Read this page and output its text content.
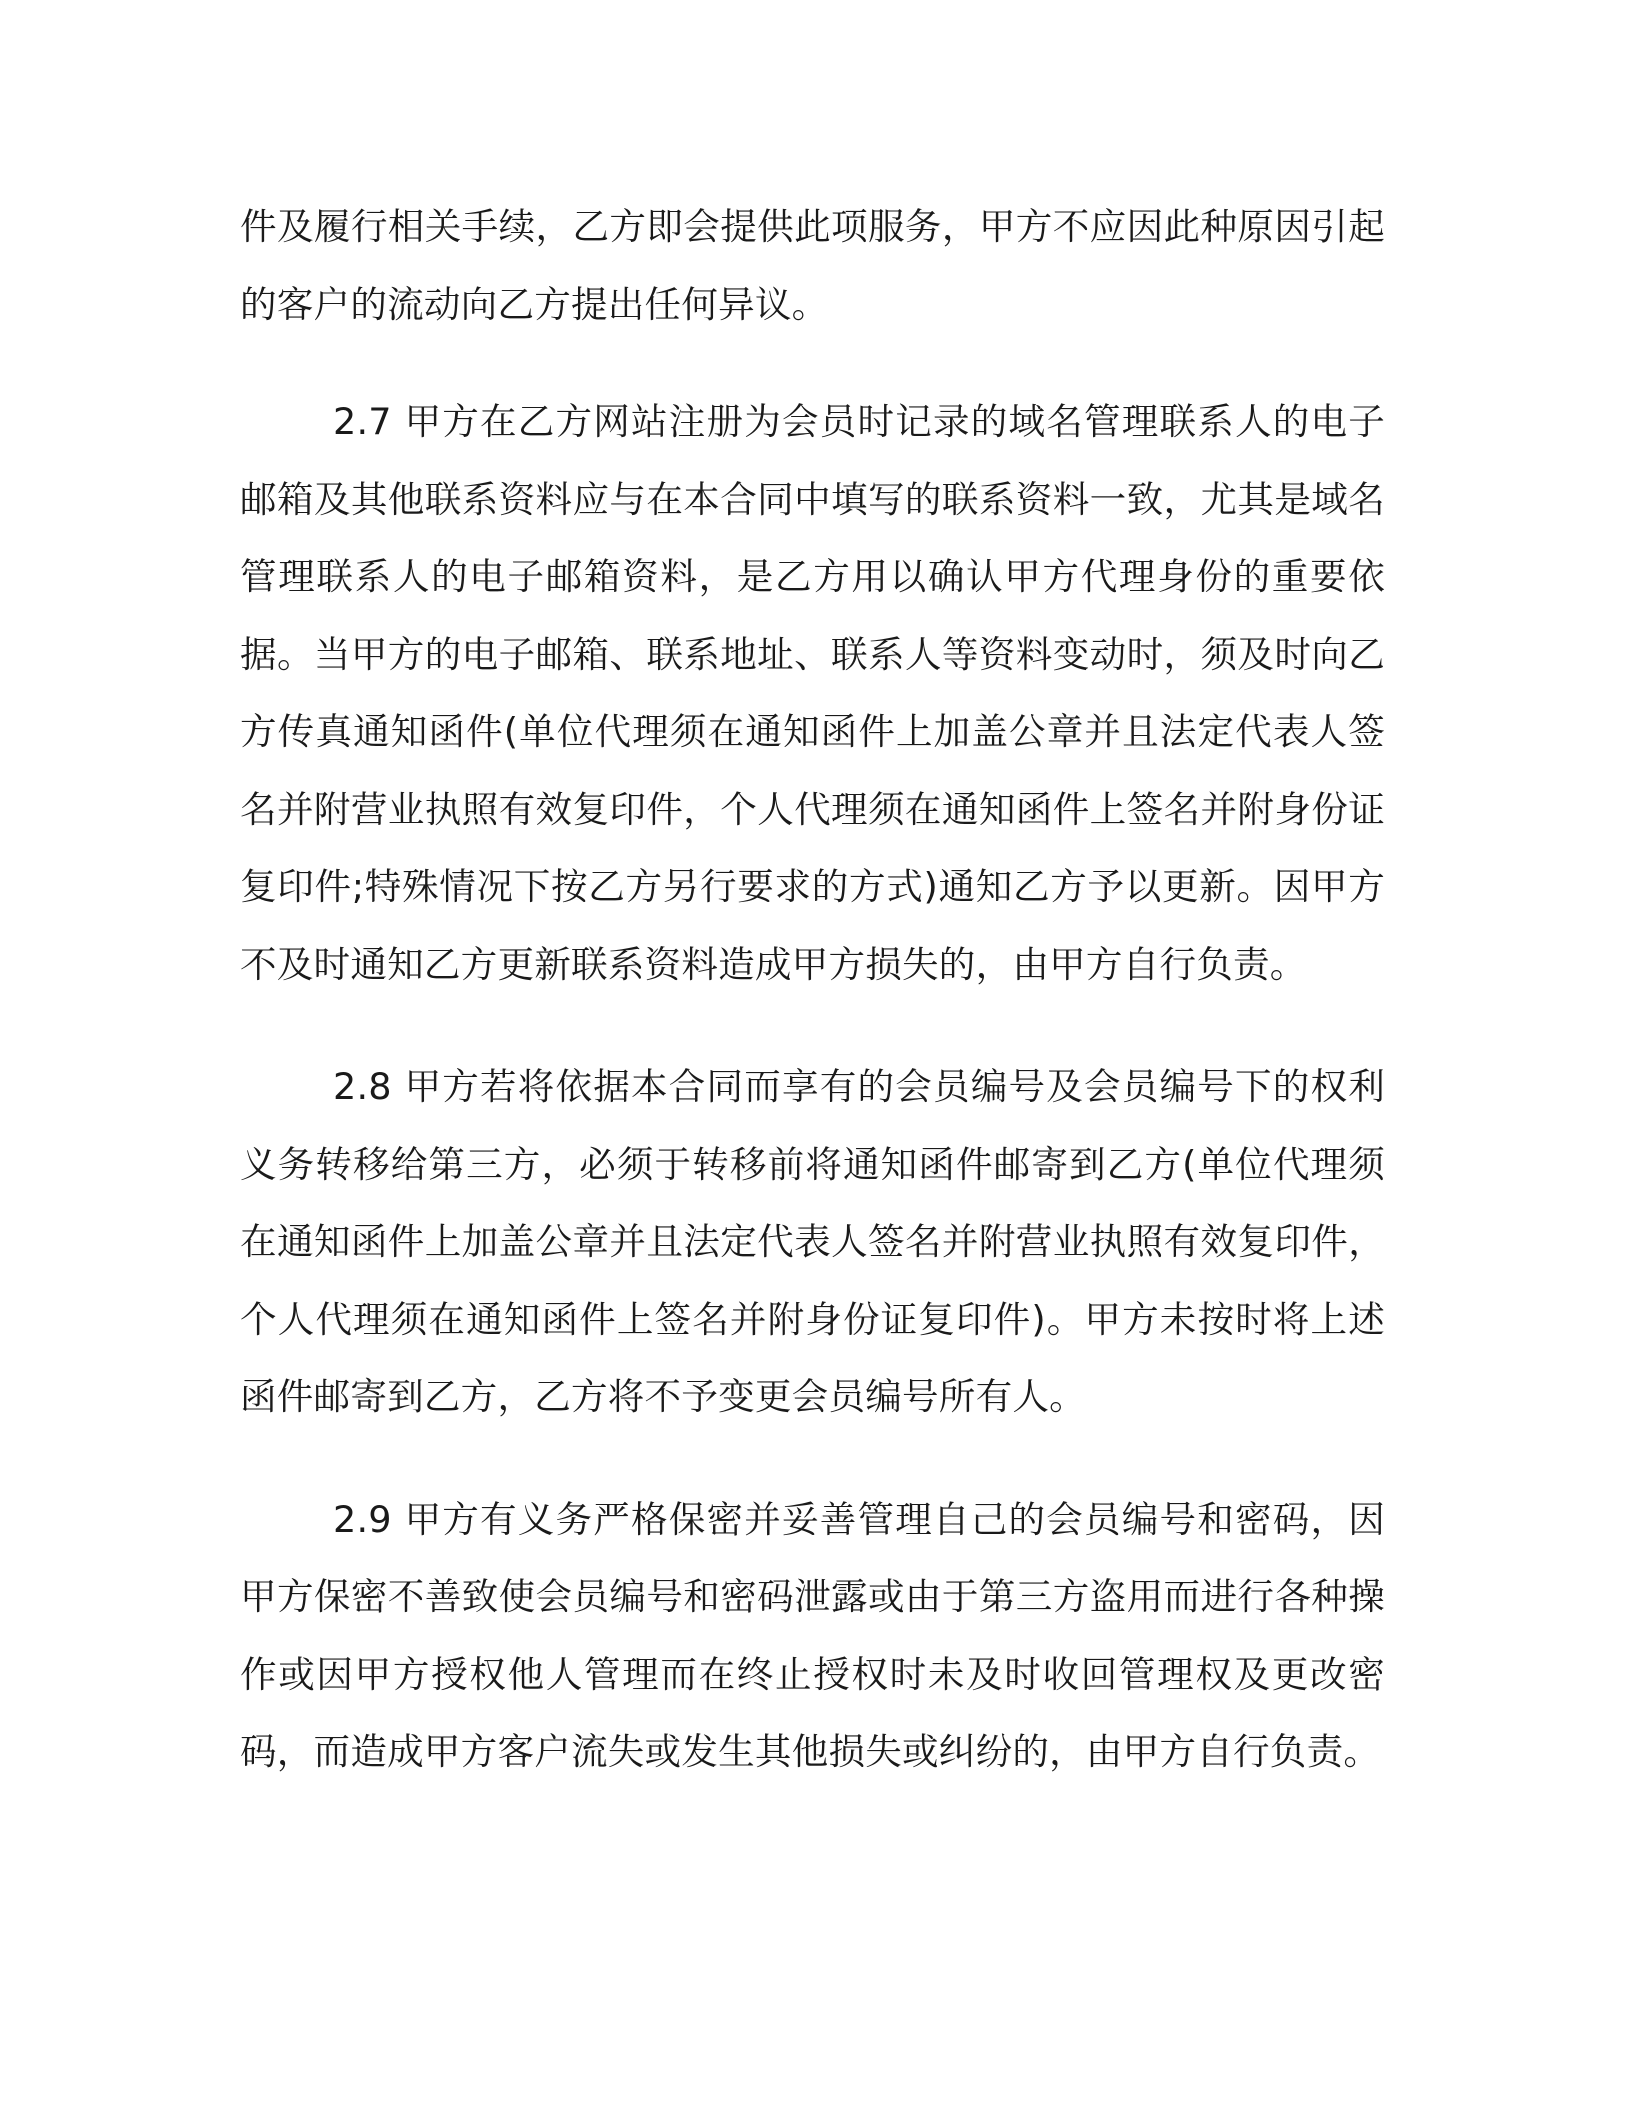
件及履行相关手续，乙方即会提供此项服务，甲方不应因此种原因引起的客户的流动向乙方提出任何异议。

2.7 甲方在乙方网站注册为会员时记录的域名管理联系人的电子邮箱及其他联系资料应与在本合同中填写的联系资料一致，尤其是域名管理联系人的电子邮箱资料，是乙方用以确认甲方代理身份的重要依据。当甲方的电子邮箱、联系地址、联系人等资料变动时，须及时向乙方传真通知函件(单位代理须在通知函件上加盖公章并且法定代表人签名并附营业执照有效复印件，个人代理须在通知函件上签名并附身份证复印件;特殊情况下按乙方另行要求的方式)通知乙方予以更新。因甲方不及时通知乙方更新联系资料造成甲方损失的，由甲方自行负责。

2.8 甲方若将依据本合同而享有的会员编号及会员编号下的权利义务转移给第三方，必须于转移前将通知函件邮寄到乙方(单位代理须在通知函件上加盖公章并且法定代表人签名并附营业执照有效复印件，个人代理须在通知函件上签名并附身份证复印件)。甲方未按时将上述函件邮寄到乙方，乙方将不予变更会员编号所有人。

2.9 甲方有义务严格保密并妥善管理自己的会员编号和密码，因甲方保密不善致使会员编号和密码泄露或由于第三方盗用而进行各种操作或因甲方授权他人管理而在终止授权时未及时收回管理权及更改密码，而造成甲方客户流失或发生其他损失或纠纷的，由甲方自行负责。
